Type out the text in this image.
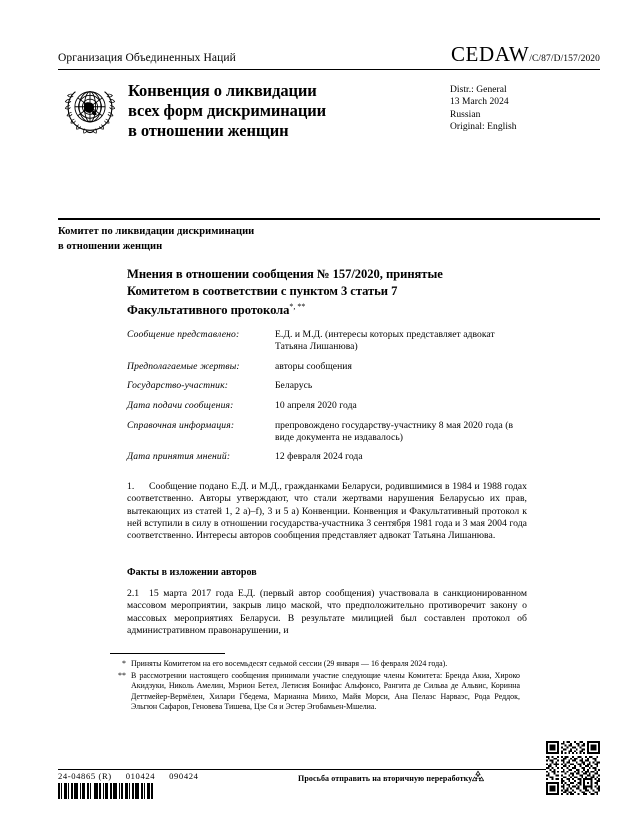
Организация Объединенных Наций	CEDAW /C/87/D/157/2020
Конвенция о ликвидации
всех форм дискриминации
в отношении женщин
Distr.: General
13 March 2024
Russian
Original: English
Комитет по ликвидации дискриминации
в отношении женщин
Мнения в отношении сообщения № 157/2020, принятые
Комитетом в соответствии с пунктом 3 статьи 7
Факультативного протокола*, **
Сообщение представлено:	Е.Д. и М.Д. (интересы которых представляет адвокат Татьяна Лишанюва)
Предполагаемые жертвы:	авторы сообщения
Государство-участник:	Беларусь
Дата подачи сообщения:	10 апреля 2020 года
Справочная информация:	препровождено государству-участнику 8 мая 2020 года (в виде документа не издавалось)
Дата принятия мнений:	12 февраля 2024 года
1. Сообщение подано Е.Д. и М.Д., гражданками Беларуси, родившимися в 1984 и 1988 годах соответственно. Авторы утверждают, что стали жертвами нарушения Беларусью их прав, вытекающих из статей 1, 2 a)–f), 3 и 5 a) Конвенции. Конвенция и Факультативный протокол к ней вступили в силу в отношении государства-участника 3 сентября 1981 года и 3 мая 2004 года соответственно. Интересы авторов сообщения представляет адвокат Татьяна Лишанюва.
Факты в изложении авторов
2.1 15 марта 2017 года Е.Д. (первый автор сообщения) участвовала в санкционированном массовом мероприятии, закрыв лицо маской, что предположительно противоречит закону о массовых мероприятиях Беларуси. В результате милицией был составлен протокол об административном правонарушении, и
* Приняты Комитетом на его восемьдесят седьмой сессии (29 января — 16 февраля 2024 года).
** В рассмотрении настоящего сообщения принимали участие следующие члены Комитета: Бренда Акиа, Хироко Акидзуки, Николь Амелин, Мэрион Бетел, Летисия Бонифас Альфонсо, Рангита де Сильва де Альвис, Коринна Деттмейер-Вермёлен, Хилари Гбедема, Марианна Миихо, Майя Морси, Ана Пелаэс Нарваэс, Рода Реддок, Эльгюн Сафаров, Геновева Тишева, Цзе Ся и Эстер Эгобамьен-Мшелиа.
24-04865 (R) 010424 090424	Просьба отправить на вторичную переработку
